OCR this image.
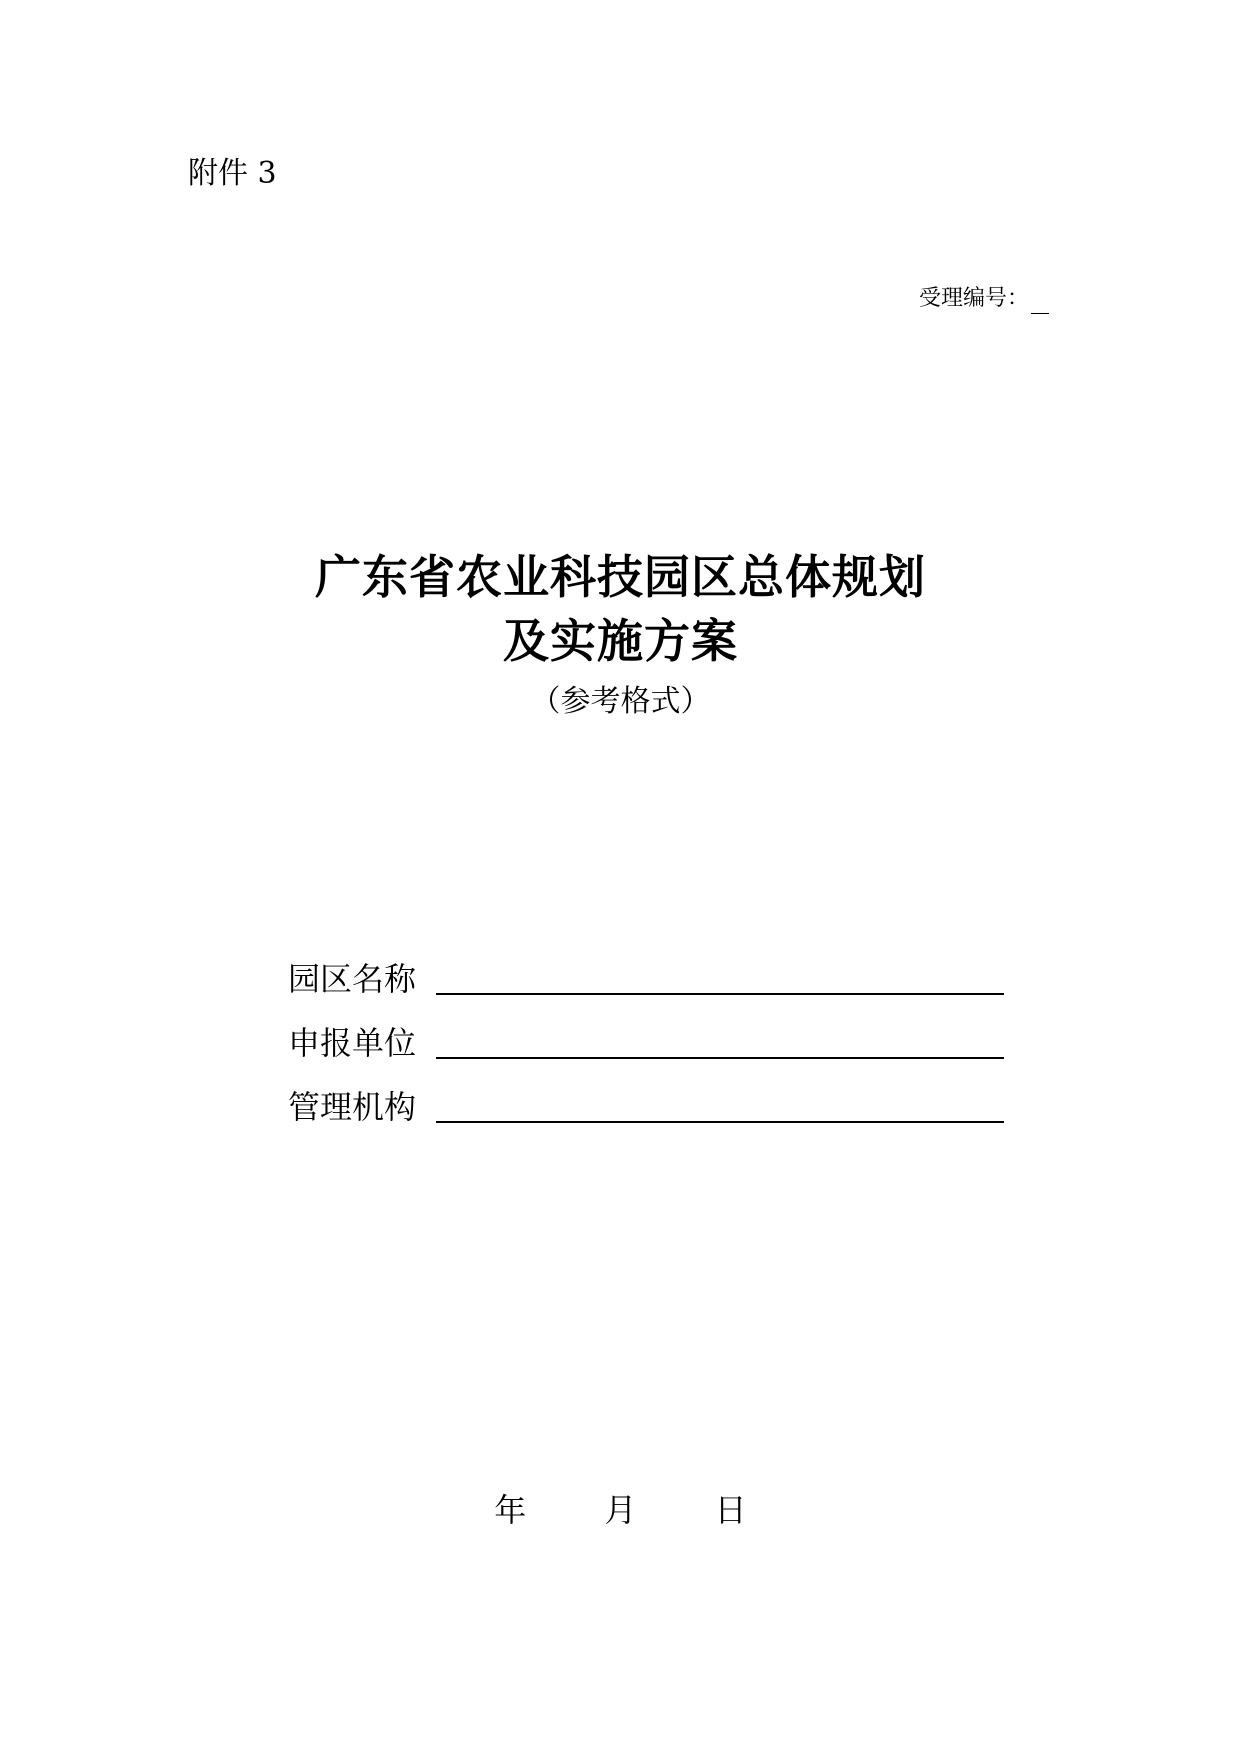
附件 3
受理编号：
广东省农业科技园区总体规划
及实施方案
（参考格式）
园区名称
申报单位
管理机构
年 月 日
